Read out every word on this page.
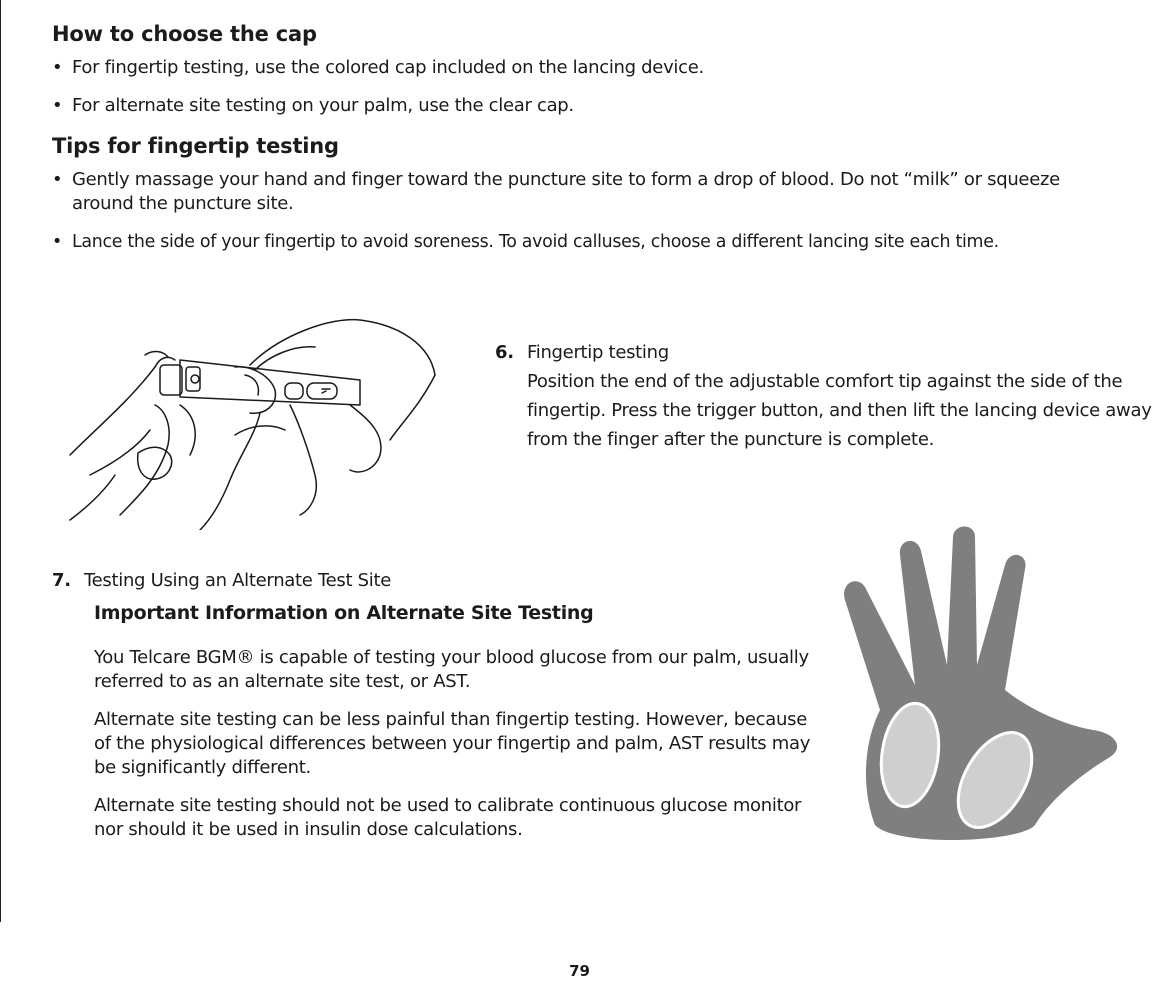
How to choose the cap
• For fingertip testing, use the colored cap included on the lancing device.
• For alternate site testing on your palm, use the clear cap.
Tips for fingertip testing
• Gently massage your hand and finger toward the puncture site to form a drop of blood. Do not “milk” or squeeze around the puncture site.
• Lance the side of your fingertip to avoid soreness. To avoid calluses, choose a different lancing site each time.
6. Fingertip testing
Position the end of the adjustable comfort tip against the side of the fingertip. Press the trigger button, and then lift the lancing device away from the finger after the puncture is complete.
7. Testing Using an Alternate Test Site
Important Information on Alternate Site Testing
You Telcare BGM® is capable of testing your blood glucose from our palm, usually referred to as an alternate site test, or AST.
Alternate site testing can be less painful than fingertip testing. However, because of the physiological differences between your fingertip and palm, AST results may be significantly different.
Alternate site testing should not be used to calibrate continuous glucose monitor nor should it be used in insulin dose calculations.
79
